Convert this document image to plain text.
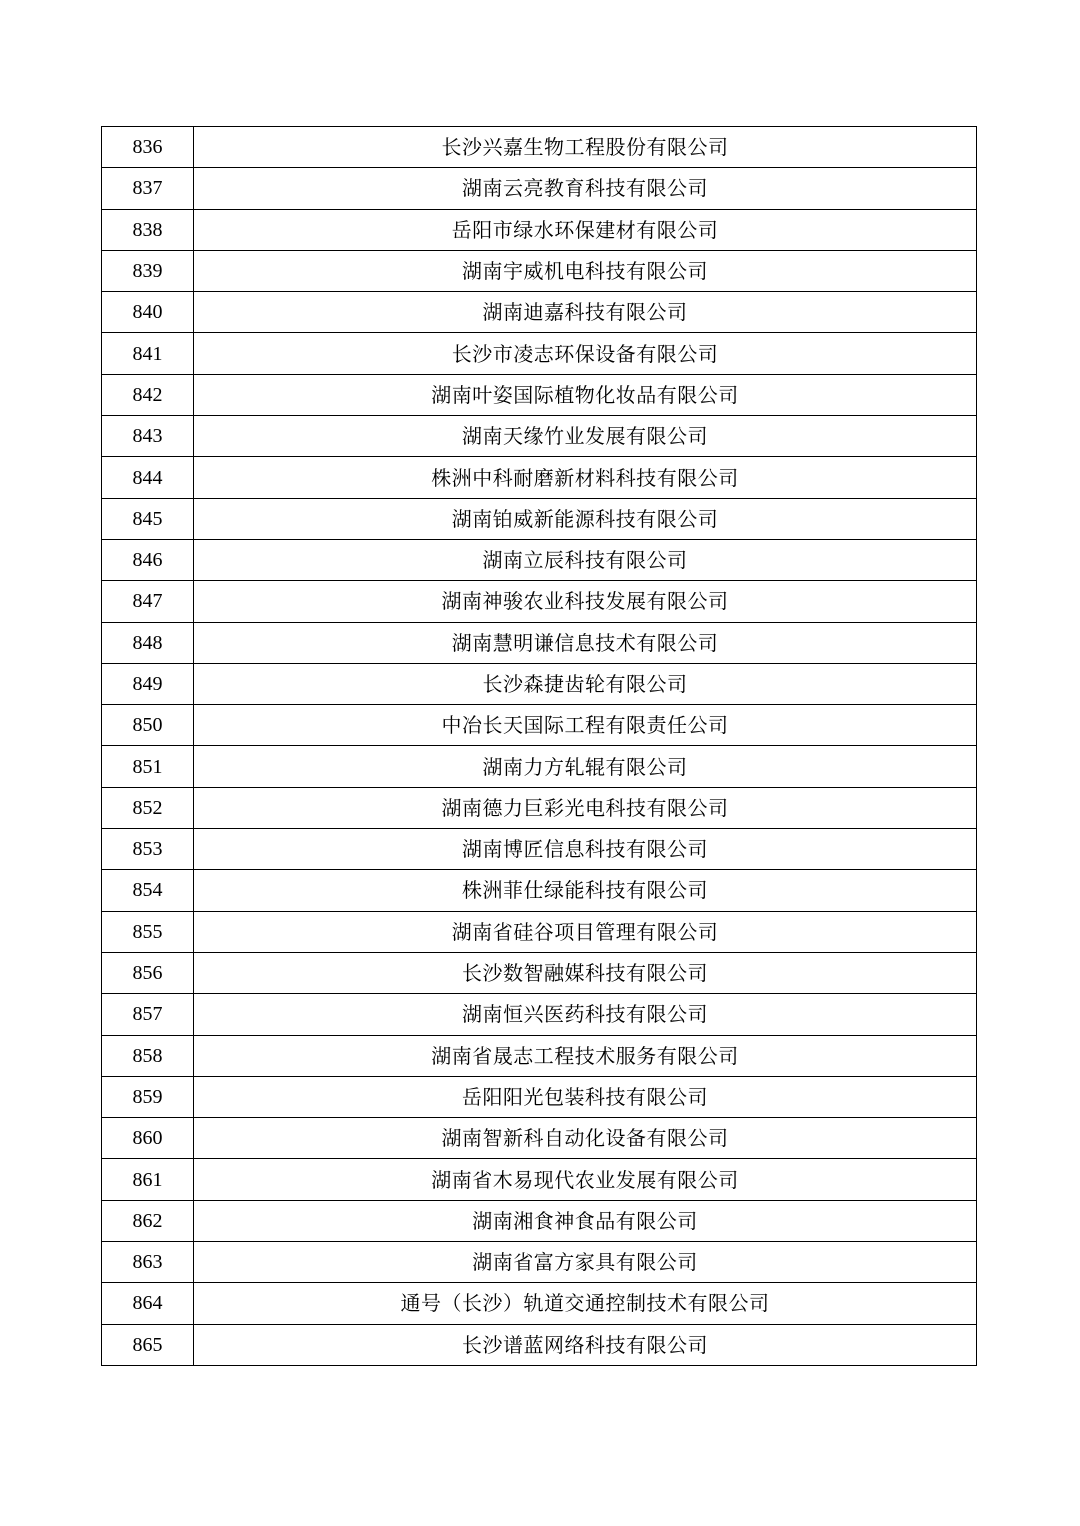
836	长沙兴嘉生物工程股份有限公司
837	湖南云亮教育科技有限公司
838	岳阳市绿水环保建材有限公司
839	湖南宇威机电科技有限公司
840	湖南迪嘉科技有限公司
841	长沙市凌志环保设备有限公司
842	湖南叶姿国际植物化妆品有限公司
843	湖南天缘竹业发展有限公司
844	株洲中科耐磨新材料科技有限公司
845	湖南铂威新能源科技有限公司
846	湖南立辰科技有限公司
847	湖南神骏农业科技发展有限公司
848	湖南慧明谦信息技术有限公司
849	长沙森捷齿轮有限公司
850	中冶长天国际工程有限责任公司
851	湖南力方轧辊有限公司
852	湖南德力巨彩光电科技有限公司
853	湖南博匠信息科技有限公司
854	株洲菲仕绿能科技有限公司
855	湖南省硅谷项目管理有限公司
856	长沙数智融媒科技有限公司
857	湖南恒兴医药科技有限公司
858	湖南省晟志工程技术服务有限公司
859	岳阳阳光包装科技有限公司
860	湖南智新科自动化设备有限公司
861	湖南省木易现代农业发展有限公司
862	湖南湘食神食品有限公司
863	湖南省富方家具有限公司
864	通号（长沙）轨道交通控制技术有限公司
865	长沙谱蓝网络科技有限公司
